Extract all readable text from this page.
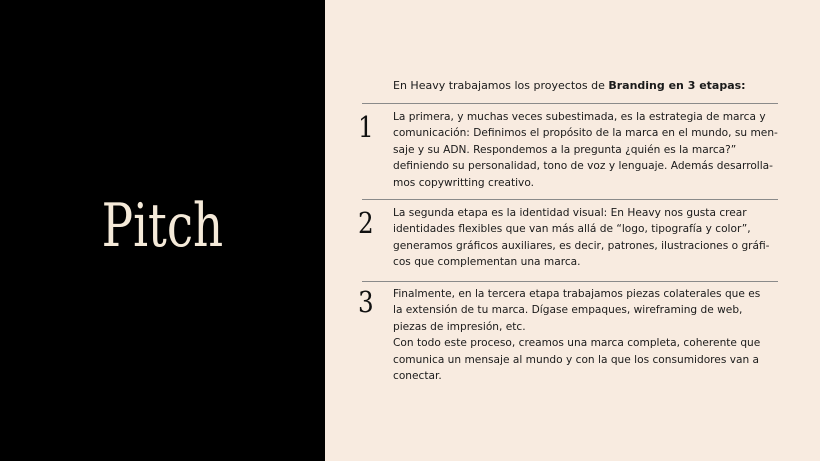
Pitch
En Heavy trabajamos los proyectos de Branding en 3 etapas:
1	La primera, y muchas veces subestimada, es la estrategia de marca y
comunicación: Definimos el propósito de la marca en el mundo, su men-
saje y su ADN. Respondemos a la pregunta ¿quién es la marca?”
definiendo su personalidad, tono de voz y lenguaje. Además desarrolla-
mos copywritting creativo.
2	La segunda etapa es la identidad visual: En Heavy nos gusta crear
identidades flexibles que van más allá de “logo, tipografía y color”,
generamos gráficos auxiliares, es decir, patrones, ilustraciones o gráfi-
cos que complementan una marca.
3	Finalmente, en la tercera etapa trabajamos piezas colaterales que es
la extensión de tu marca. Dígase empaques, wireframing de web,
piezas de impresión, etc.
Con todo este proceso, creamos una marca completa, coherente que
comunica un mensaje al mundo y con la que los consumidores van a
conectar.
